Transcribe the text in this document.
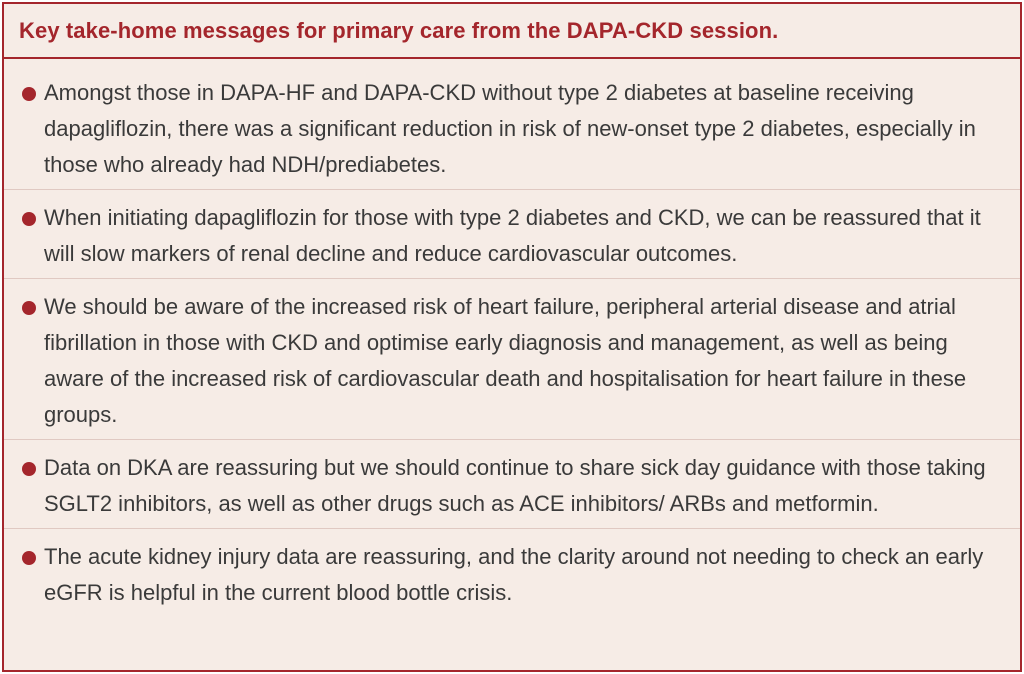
Key take-home messages for primary care from the DAPA-CKD session.
Amongst those in DAPA-HF and DAPA-CKD without type 2 diabetes at baseline receiving dapagliflozin, there was a significant reduction in risk of new-onset type 2 diabetes, especially in those who already had NDH/prediabetes.
When initiating dapagliflozin for those with type 2 diabetes and CKD, we can be reassured that it will slow markers of renal decline and reduce cardiovascular outcomes.
We should be aware of the increased risk of heart failure, peripheral arterial disease and atrial fibrillation in those with CKD and optimise early diagnosis and management, as well as being aware of the increased risk of cardiovascular death and hospitalisation for heart failure in these groups.
Data on DKA are reassuring but we should continue to share sick day guidance with those taking SGLT2 inhibitors, as well as other drugs such as ACE inhibitors/ ARBs and metformin.
The acute kidney injury data are reassuring, and the clarity around not needing to check an early eGFR is helpful in the current blood bottle crisis.
